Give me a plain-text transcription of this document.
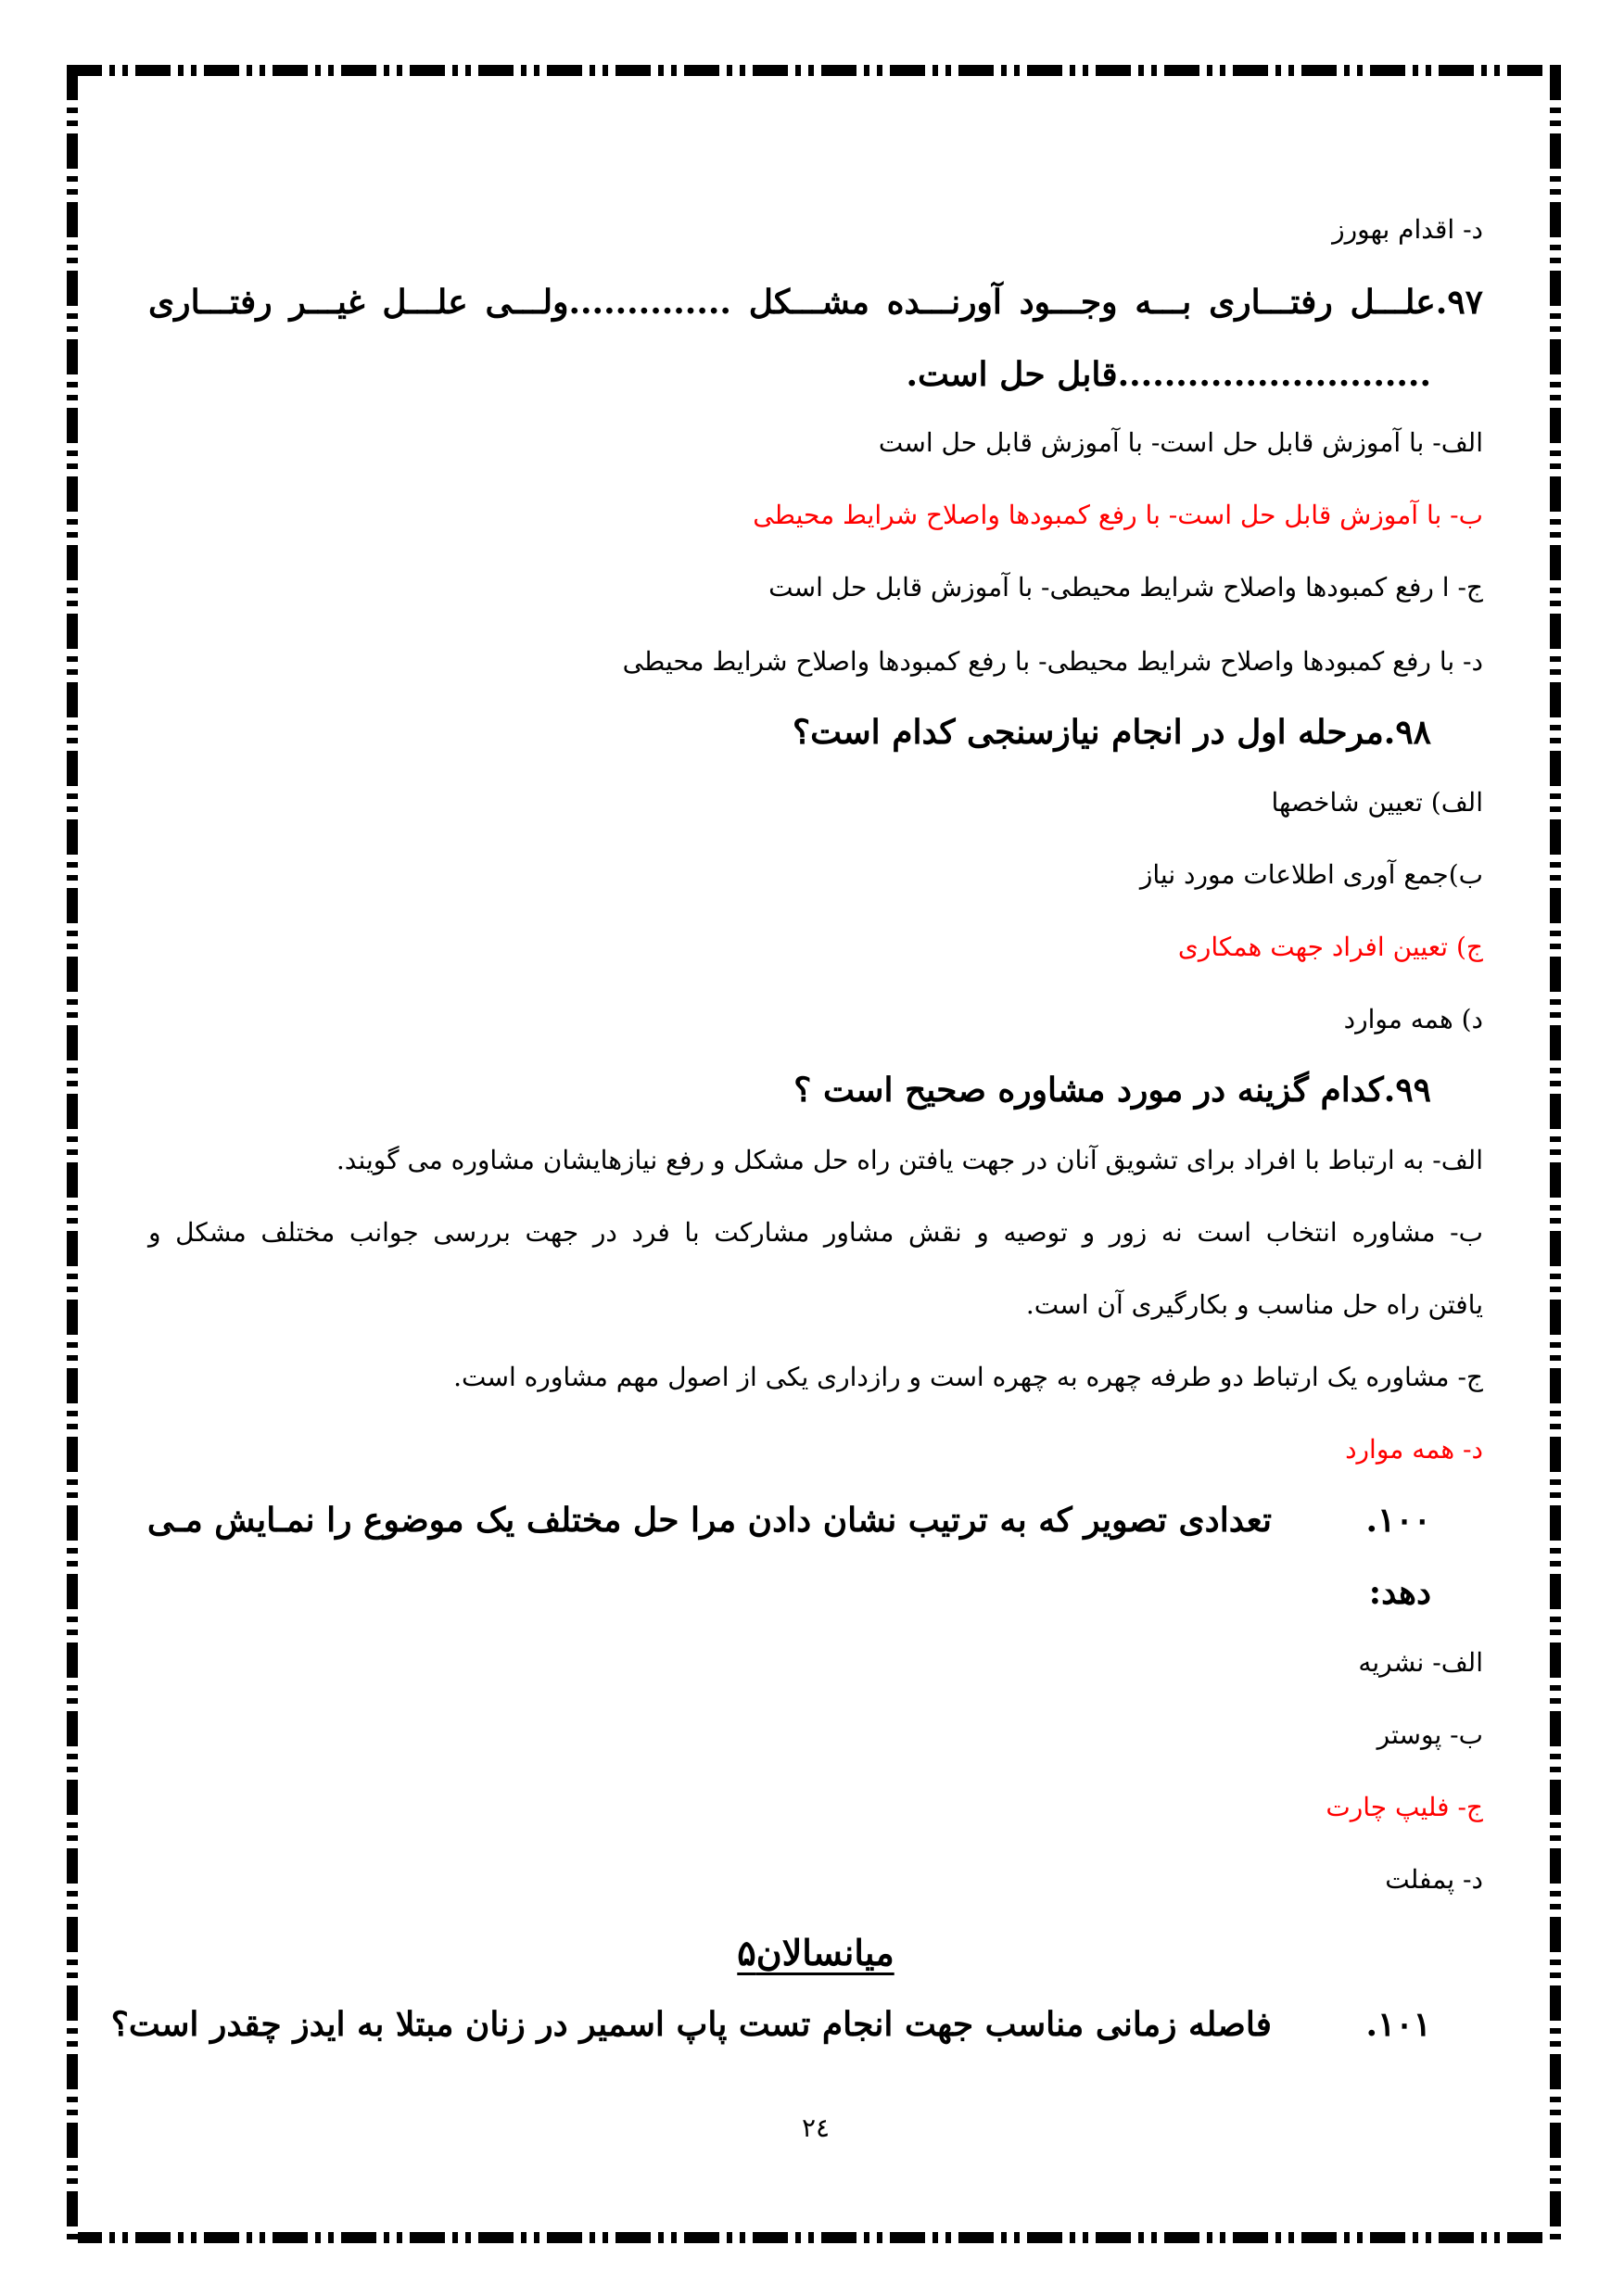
د- اقدام بهورز
۹۷.علـــل رفتـــاری بـــه وجـــود آورنـــده مشـــکل ..............ولـــی علـــل غیـــر رفتـــاری
...........................قابل حل است.
الف- با آموزش قابل حل است- با آموزش قابل حل است
ب- با آموزش قابل حل است- با رفع کمبودها واصلاح شرایط محیطی
ج- ا رفع کمبودها واصلاح شرایط محیطی- با آموزش قابل حل است
د- با رفع کمبودها واصلاح شرایط محیطی- با رفع کمبودها واصلاح شرایط محیطی
۹۸.مرحله اول در انجام نیازسنجی کدام است؟
الف) تعیین شاخصها
ب)جمع آوری اطلاعات مورد نیاز
ج) تعیین افراد جهت همکاری
د) همه موارد
۹۹.کدام گزینه در مورد مشاوره صحیح است ؟
الف- به ارتباط با افراد برای تشویق آنان در جهت یافتن راه حل مشکل و رفع نیازهایشان مشاوره می گویند.
ب- مشاوره انتخاب است نه زور و توصیه و نقش مشاور مشارکت با فرد در جهت بررسی جوانب مختلف مشکل و
یافتن راه حل مناسب و بکارگیری آن است.
ج- مشاوره یک ارتباط دو طرفه چهره به چهره است و رازداری یکی از اصول مهم مشاوره است.
د- همه موارد
۱۰۰.
تعدادی تصویر که به ترتیب نشان دادن مرا حل مختلف یک موضوع را نمـایش مـی
دهد:
الف- نشریه
ب- پوستر
ج- فلیپ چارت
د- پمفلت
میانسالان۵
۱۰۱.
فاصله زمانی مناسب جهت انجام تست پاپ اسمیر در زنان مبتلا به ایدز چقدر است؟
۲٤
